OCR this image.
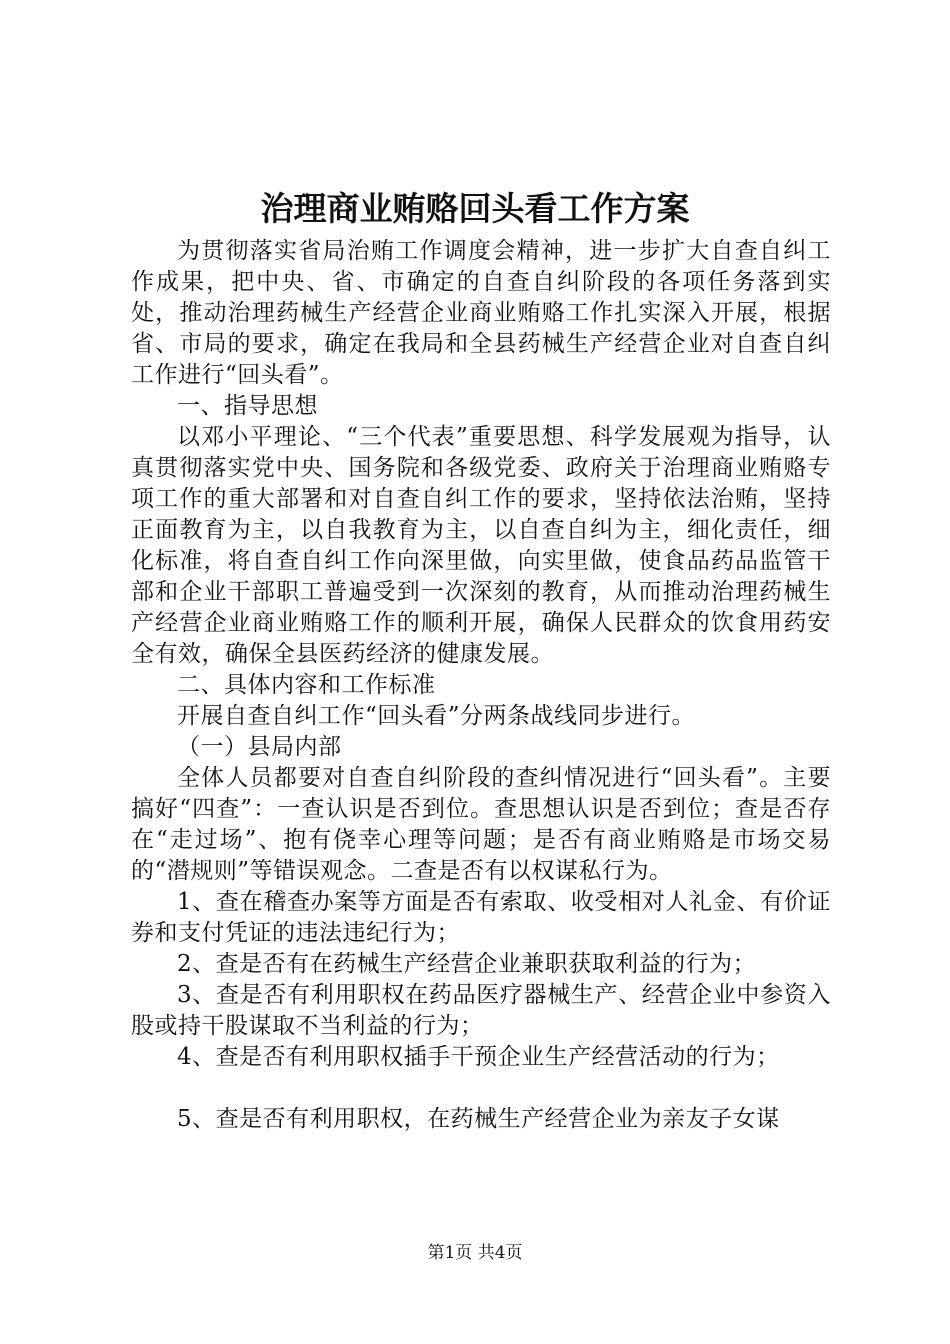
治理商业贿赂回头看工作方案

为贯彻落实省局治贿工作调度会精神，进一步扩大自查自纠工作成果，把中央、省、市确定的自查自纠阶段的各项任务落到实处，推动治理药械生产经营企业商业贿赂工作扎实深入开展，根据省、市局的要求，确定在我局和全县药械生产经营企业对自查自纠工作进行“回头看”。

一、指导思想

以邓小平理论、“三个代表”重要思想、科学发展观为指导，认真贯彻落实党中央、国务院和各级党委、政府关于治理商业贿赂专项工作的重大部署和对自查自纠工作的要求，坚持依法治贿，坚持正面教育为主，以自我教育为主，以自查自纠为主，细化责任，细化标准，将自查自纠工作向深里做，向实里做，使食品药品监管干部和企业干部职工普遍受到一次深刻的教育，从而推动治理药械生产经营企业商业贿赂工作的顺利开展，确保人民群众的饮食用药安全有效，确保全县医药经济的健康发展。

二、具体内容和工作标准

开展自查自纠工作“回头看”分两条战线同步进行。

（一）县局内部

全体人员都要对自查自纠阶段的查纠情况进行“回头看”。主要搞好“四查”：一查认识是否到位。查思想认识是否到位；查是否存在“走过场”、抱有侥幸心理等问题；是否有商业贿赂是市场交易的“潜规则”等错误观念。二查是否有以权谋私行为。

1、查在稽查办案等方面是否有索取、收受相对人礼金、有价证券和支付凭证的违法违纪行为；

2、查是否有在药械生产经营企业兼职获取利益的行为；

3、查是否有利用职权在药品医疗器械生产、经营企业中参资入股或持干股谋取不当利益的行为；

4、查是否有利用职权插手干预企业生产经营活动的行为；

5、查是否有利用职权，在药械生产经营企业为亲友子女谋

第1页 共4页
